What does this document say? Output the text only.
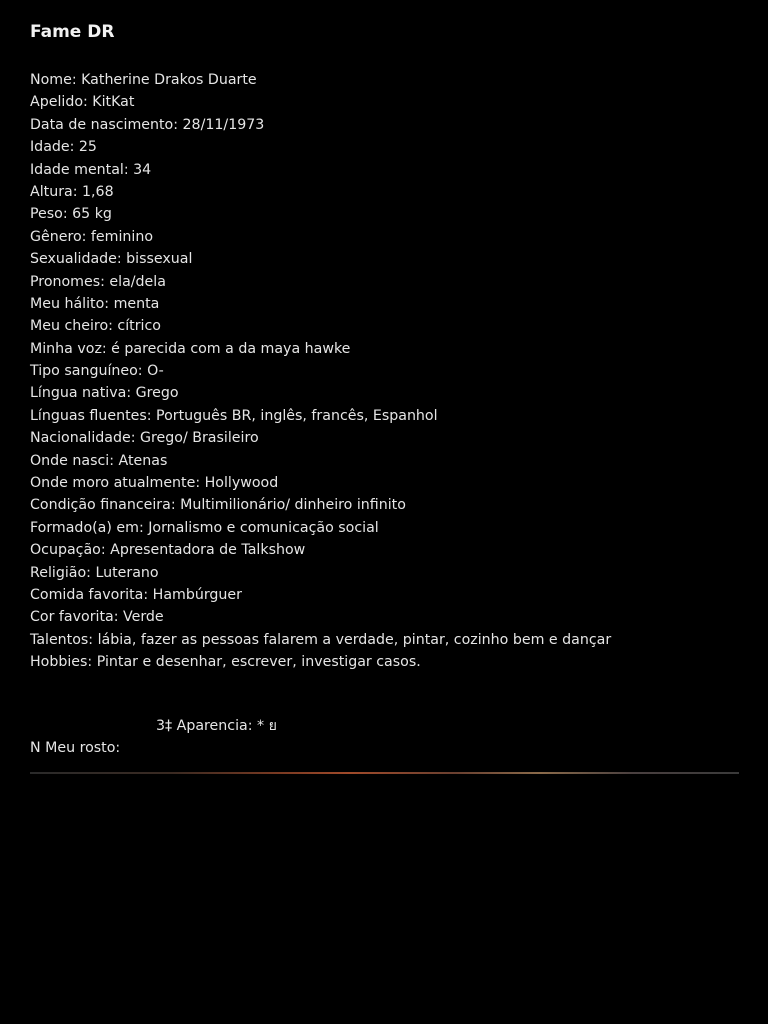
Fame DR
Nome: Katherine Drakos Duarte
Apelido: KitKat
Data de nascimento: 28/11/1973
Idade: 25
Idade mental: 34
Altura: 1,68
Peso: 65 kg
Gênero: feminino
Sexualidade: bissexual
Pronomes: ela/dela
Meu hálito: menta
Meu cheiro: cítrico
Minha voz: é parecida com a da maya hawke
Tipo sanguíneo: O-
Língua nativa: Grego
Línguas fluentes: Português BR, inglês, francês, Espanhol
Nacionalidade: Grego/ Brasileiro
Onde nasci: Atenas
Onde moro atualmente: Hollywood
Condição financeira: Multimilionário/ dinheiro infinito
Formado(a) em: Jornalismo e comunicação social
Ocupação: Apresentadora de Talkshow
Religião: Luterano
Comida favorita: Hambúrguer
Cor favorita: Verde
Talentos: lábia, fazer as pessoas falarem a verdade, pintar, cozinho bem e dançar
Hobbies: Pintar e desenhar, escrever, investigar casos.
3‡ Aparencia: * ย
N Meu rosto:
